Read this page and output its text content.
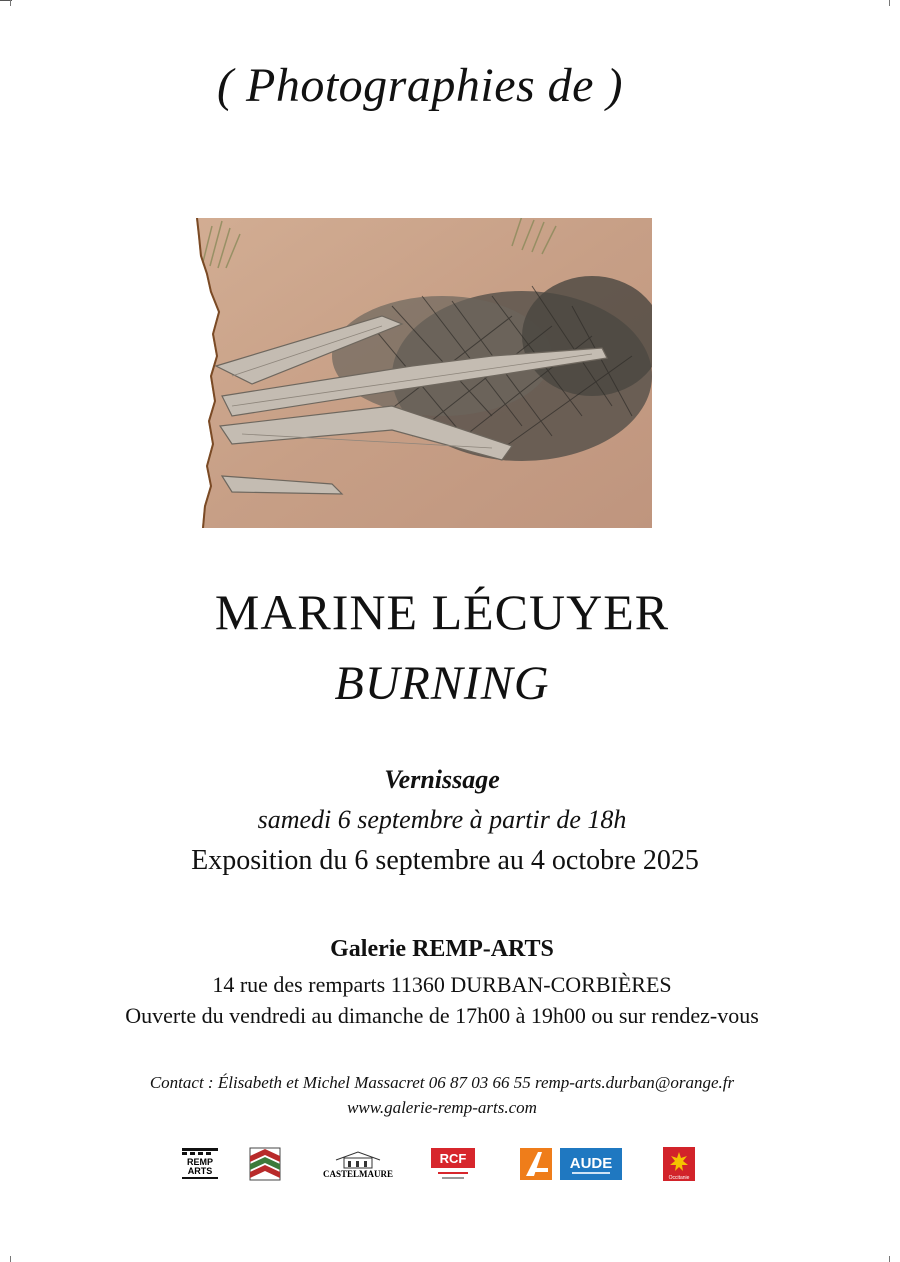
( Photographies de )
MARINE LÉCUYER
BURNING
Vernissage
samedi 6 septembre à partir de 18h
Exposition du 6 septembre au 4 octobre 2025
Galerie REMP-ARTS
14 rue des remparts 11360 DURBAN-CORBIÈRES
Ouverte du vendredi au dimanche de 17h00 à 19h00 ou sur rendez-vous
Contact : Élisabeth et Michel Massacret 06 87 03 66 55 remp-arts.durban@orange.fr
www.galerie-remp-arts.com
REMP
ARTS	CASTELMAURE
RCF	AUDE
Occitanie
